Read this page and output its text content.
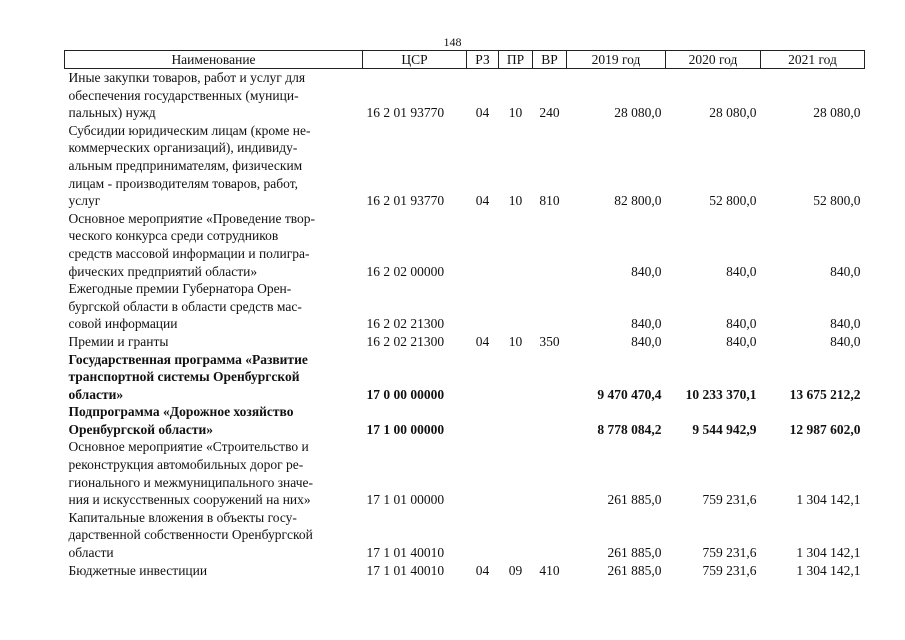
148
Наименование	ЦСР	РЗ	ПР	ВР	2019 год	2020 год	2021 год

Иные закупки товаров, работ и услуг для
обеспечения государственных (муници-
пальных) нужд	16 2 01 93770	04	10	240	28 080,0	28 080,0	28 080,0

Субсидии юридическим лицам (кроме не-
коммерческих организаций), индивиду-
альным предпринимателям, физическим
лицам - производителям товаров, работ,
услуг	16 2 01 93770	04	10	810	82 800,0	52 800,0	52 800,0

Основное мероприятие «Проведение твор-
ческого конкурса среди сотрудников
средств массовой информации и полигра-
фических предприятий области»	16 2 02 00000				840,0	840,0	840,0

Ежегодные премии Губернатора Орен-
бургской области в области средств мас-
совой информации	16 2 02 21300				840,0	840,0	840,0

Премии и гранты	16 2 02 21300	04	10	350	840,0	840,0	840,0

Государственная программа «Развитие
транспортной системы Оренбургской
области»	17 0 00 00000				9 470 470,4	10 233 370,1	13 675 212,2

Подпрограмма «Дорожное хозяйство
Оренбургской области»	17 1 00 00000				8 778 084,2	9 544 942,9	12 987 602,0

Основное мероприятие «Строительство и
реконструкция автомобильных дорог ре-
гионального и межмуниципального значе-
ния и искусственных сооружений на них»	17 1 01 00000				261 885,0	759 231,6	1 304 142,1

Капитальные вложения в объекты госу-
дарственной собственности Оренбургской
области	17 1 01 40010				261 885,0	759 231,6	1 304 142,1

Бюджетные инвестиции	17 1 01 40010	04	09	410	261 885,0	759 231,6	1 304 142,1
